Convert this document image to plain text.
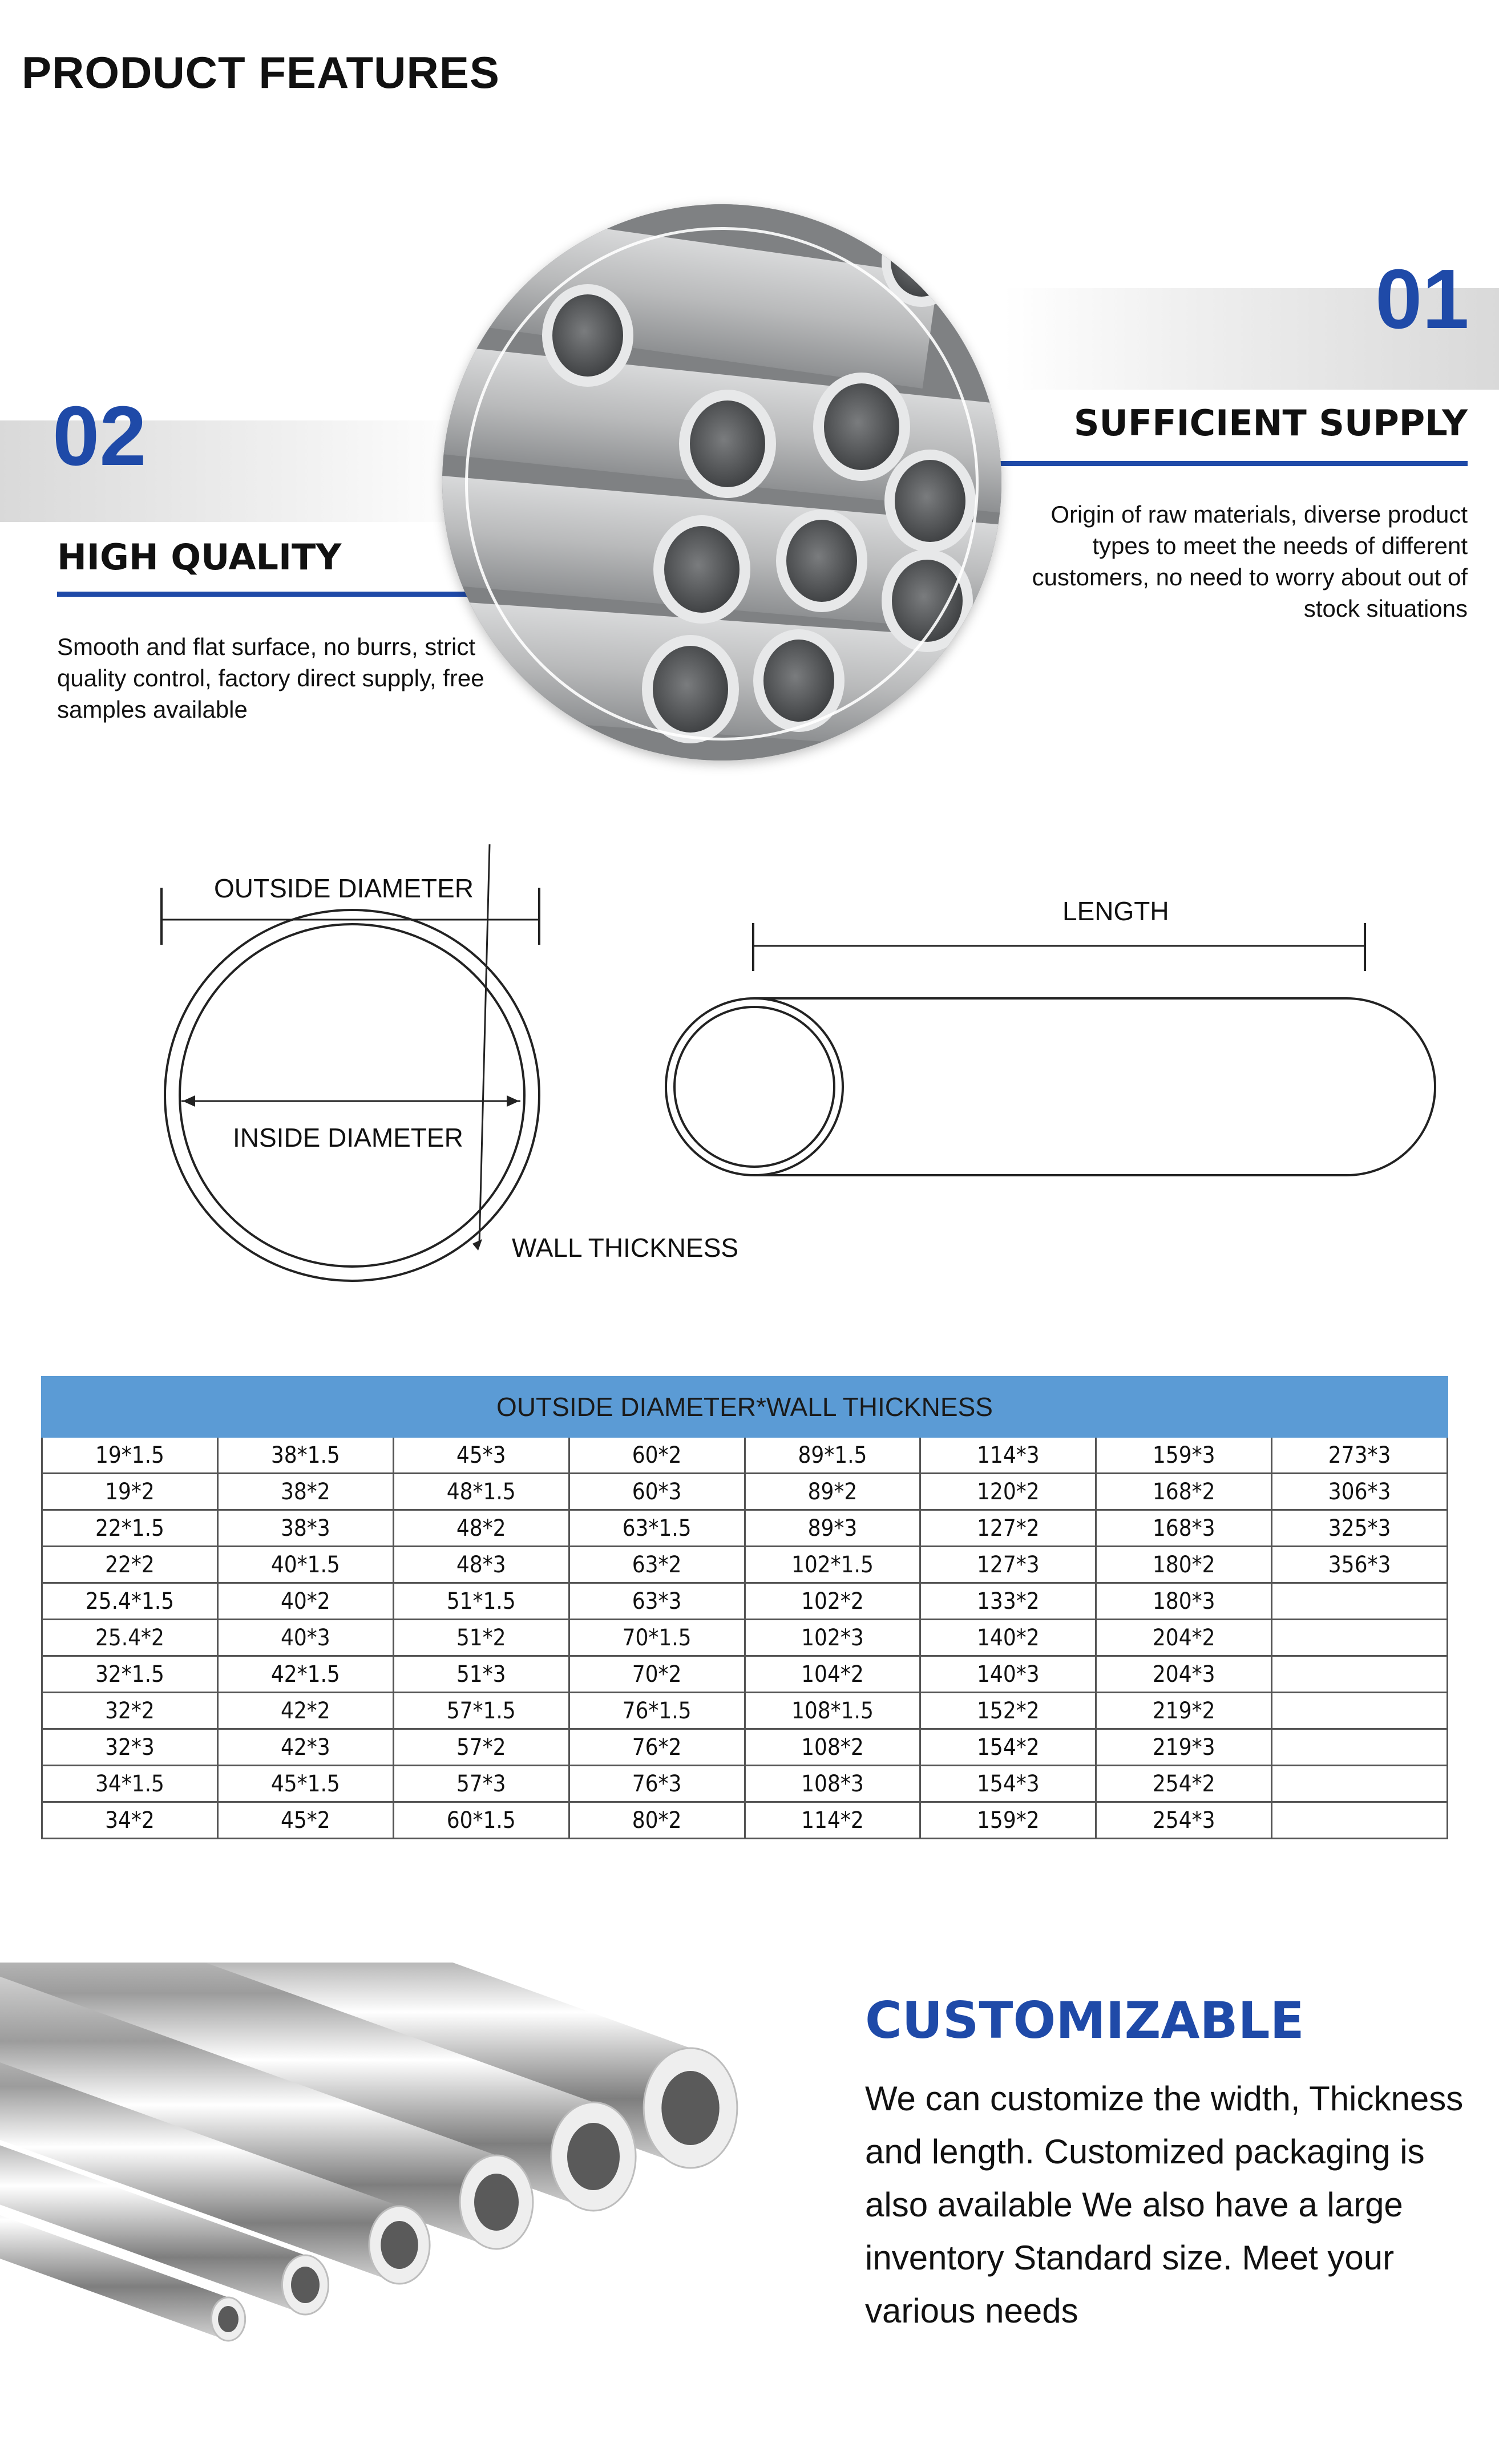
PRODUCT FEATURES
01
SUFFICIENT SUPPLY
Origin of raw materials, diverse product types to meet the needs of different customers, no need to worry about out of stock situations
02
HIGH QUALITY
Smooth and flat surface, no burrs, strict quality control, factory direct supply, free samples available
OUTSIDE DIAMETER
INSIDE DIAMETER
WALL THICKNESS
LENGTH
OUTSIDE DIAMETER*WALL THICKNESS							
19*1.5	38*1.5	45*3	60*2	89*1.5	114*3	159*3	273*3
19*2	38*2	48*1.5	60*3	89*2	120*2	168*2	306*3
22*1.5	38*3	48*2	63*1.5	89*3	127*2	168*3	325*3
22*2	40*1.5	48*3	63*2	102*1.5	127*3	180*2	356*3
25.4*1.5	40*2	51*1.5	63*3	102*2	133*2	180*3	
25.4*2	40*3	51*2	70*1.5	102*3	140*2	204*2	
32*1.5	42*1.5	51*3	70*2	104*2	140*3	204*3	
32*2	42*2	57*1.5	76*1.5	108*1.5	152*2	219*2	
32*3	42*3	57*2	76*2	108*2	154*2	219*3	
34*1.5	45*1.5	57*3	76*3	108*3	154*3	254*2	
34*2	45*2	60*1.5	80*2	114*2	159*2	254*3	
CUSTOMIZABLE
We can customize the width, Thickness and length. Customized packaging is also available We also have a large inventory Standard size. Meet your various needs
